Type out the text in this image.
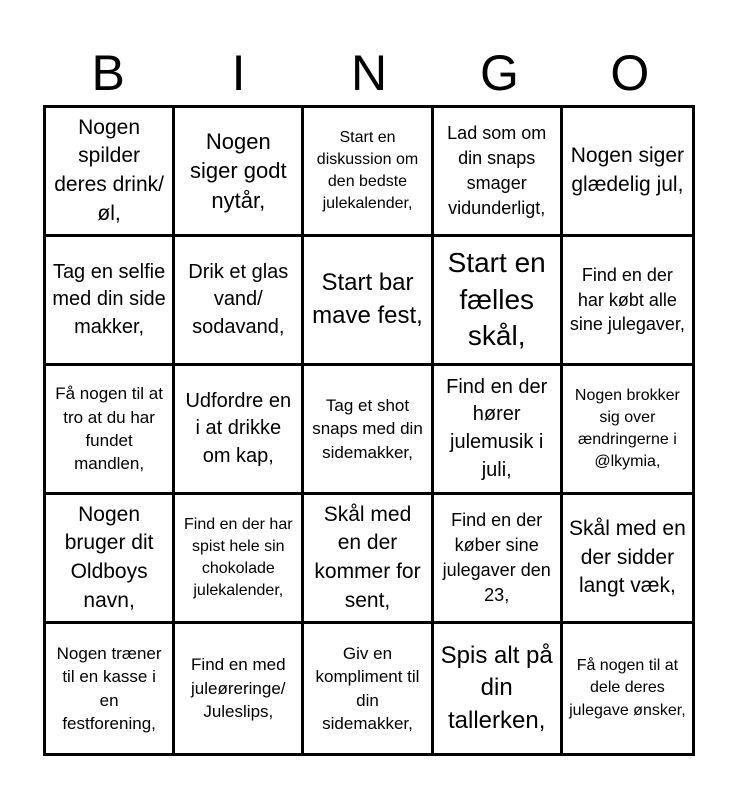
B	I	N	G	O
Nogen spilder deres drink/øl,
Nogen siger godt nytår,
Start en diskussion om den bedste julekalender,
Lad som om din snaps smager vidunderligt,
Nogen siger glædelig jul,
Tag en selfie med din side makker,
Drik et glas vand/ sodavand,
Start bar mave fest,
Start en fælles skål,
Find en der har købt alle sine julegaver,
Få nogen til at tro at du har fundet mandlen,
Udfordre en i at drikke om kap,
Tag et shot snaps med din sidemakker,
Find en der hører julemusik i juli,
Nogen brokker sig over ændringerne i @lkymia,
Nogen bruger dit Oldboys navn,
Find en der har spist hele sin chokolade julekalender,
Skål med en der kommer for sent,
Find en der køber sine julegaver den 23,
Skål med en der sidder langt væk,
Nogen træner til en kasse i en festforening,
Find en med juleøreringe/ Juleslips,
Giv en kompliment til din sidemakker,
Spis alt på din tallerken,
Få nogen til at dele deres julegave ønsker,
